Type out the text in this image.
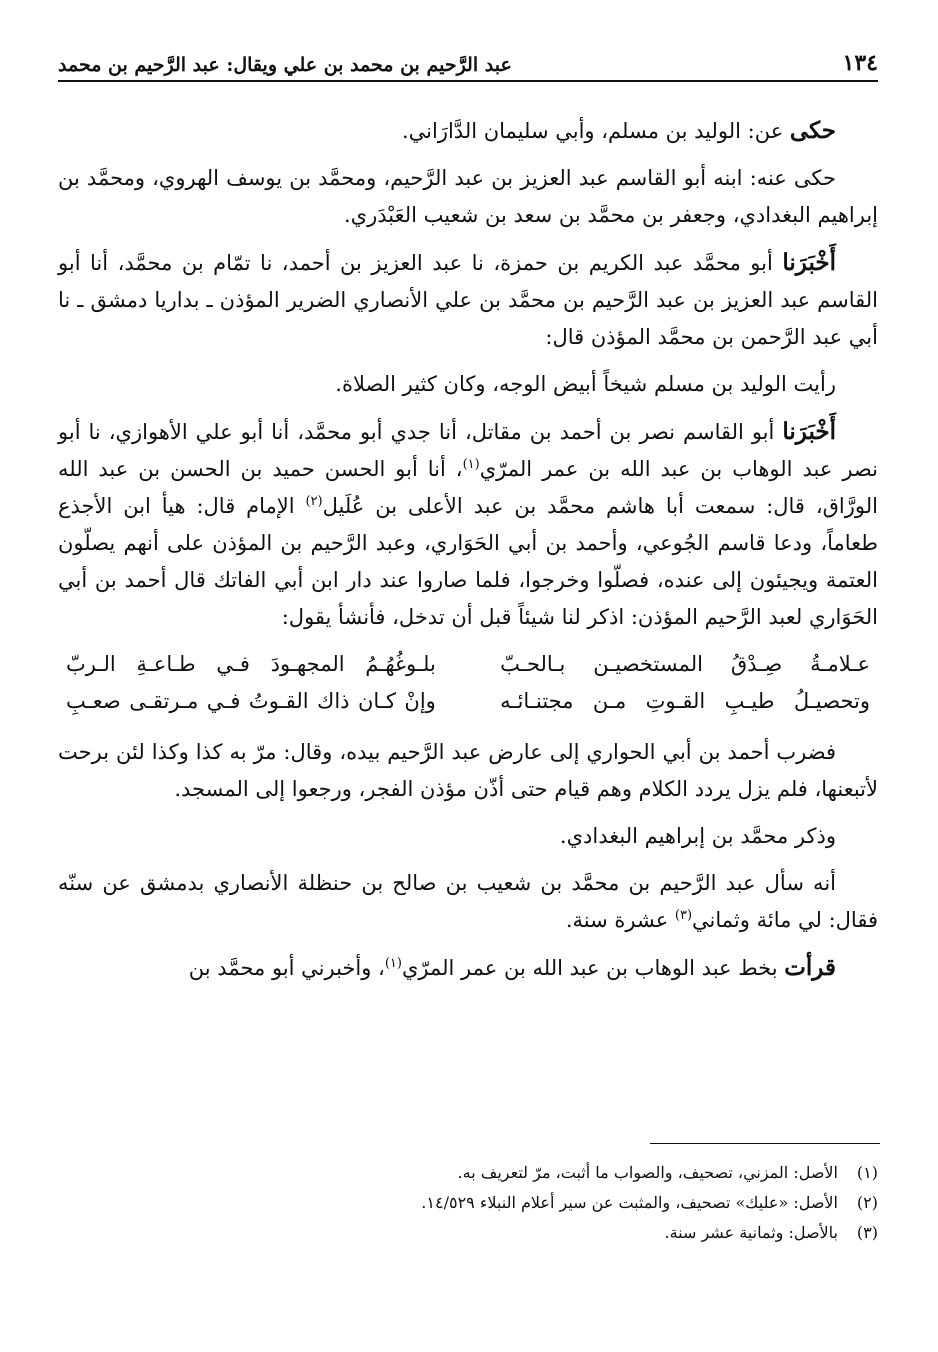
١٣٤
عبد الرَّحيم بن محمد بن علي ويقال: عبد الرَّحيم بن محمد

حكى عن: الوليد بن مسلم، وأبي سليمان الدَّارَاني.

حكى عنه: ابنه أبو القاسم عبد العزيز بن عبد الرَّحيم، ومحمَّد بن يوسف الهروي، ومحمَّد بن إبراهيم البغدادي، وجعفر بن محمَّد بن سعد بن شعيب العَبْدَري.

أَخْبَرَنا أبو محمَّد عبد الكريم بن حمزة، نا عبد العزيز بن أحمد، نا تمّام بن محمَّد، أنا أبو القاسم عبد العزيز بن عبد الرَّحيم بن محمَّد بن علي الأنصاري الضرير المؤذن ـ بداريا دمشق ـ نا أبي عبد الرَّحمن بن محمَّد المؤذن قال:

رأيت الوليد بن مسلم شيخاً أبيض الوجه، وكان كثير الصلاة.

أَخْبَرَنا أبو القاسم نصر بن أحمد بن مقاتل، أنا جدي أبو محمَّد، أنا أبو علي الأهوازي، نا أبو نصر عبد الوهاب بن عبد الله بن عمر المرّي$^{(١)}$، أنا أبو الحسن حميد بن الحسن بن عبد الله الورَّاق، قال: سمعت أبا هاشم محمَّد بن عبد الأعلى بن عُلَيل$^{(٢)}$ الإمام قال: هيأ ابن الأجذع طعاماً، ودعا قاسم الجُوعي، وأحمد بن أبي الحَوَاري، وعبد الرَّحيم بن المؤذن على أنهم يصلّون العتمة ويجيئون إلى عنده، فصلّوا وخرجوا، فلما صاروا عند دار ابن أبي الفاتك قال أحمد بن أبي الحَوَاري لعبد الرَّحيم المؤذن: اذكر لنا شيئاً قبل أن تدخل، فأنشأ يقول:

عـلامـةُ صِـدْقُ المستخصيـن بـالحـبّ
بلـوغُهُـمُ المجهـودَ فـي طـاعـةِ الـربّ
وتحصيـلُ طيـبِ القـوتِ مـن مجتنـائـه
وإنْ كـان ذاك القـوتُ فـي مـرتقـى صعـبِ

فضرب أحمد بن أبي الحواري إلى عارض عبد الرَّحيم بيده، وقال: مرّ به كذا وكذا لئن برحت لأتبعنها، فلم يزل يردد الكلام وهم قيام حتى أذّن مؤذن الفجر، ورجعوا إلى المسجد.

وذكر محمَّد بن إبراهيم البغدادي.

أنه سأل عبد الرَّحيم بن محمَّد بن شعيب بن صالح بن حنظلة الأنصاري بدمشق عن سنّه فقال: لي مائة وثماني$^{(٣)}$ عشرة سنة.

قرأت بخط عبد الوهاب بن عبد الله بن عمر المرّي$^{(١)}$، وأخبرني أبو محمَّد بن

(١)
الأصل: المزني، تصحيف، والصواب ما أثبت، مرّ لتعريف به.
(٢)
الأصل: «عليك» تصحيف، والمثبت عن سير أعلام النبلاء ١٤/٥٢٩.
(٣)
بالأصل: وثمانية عشر سنة.
